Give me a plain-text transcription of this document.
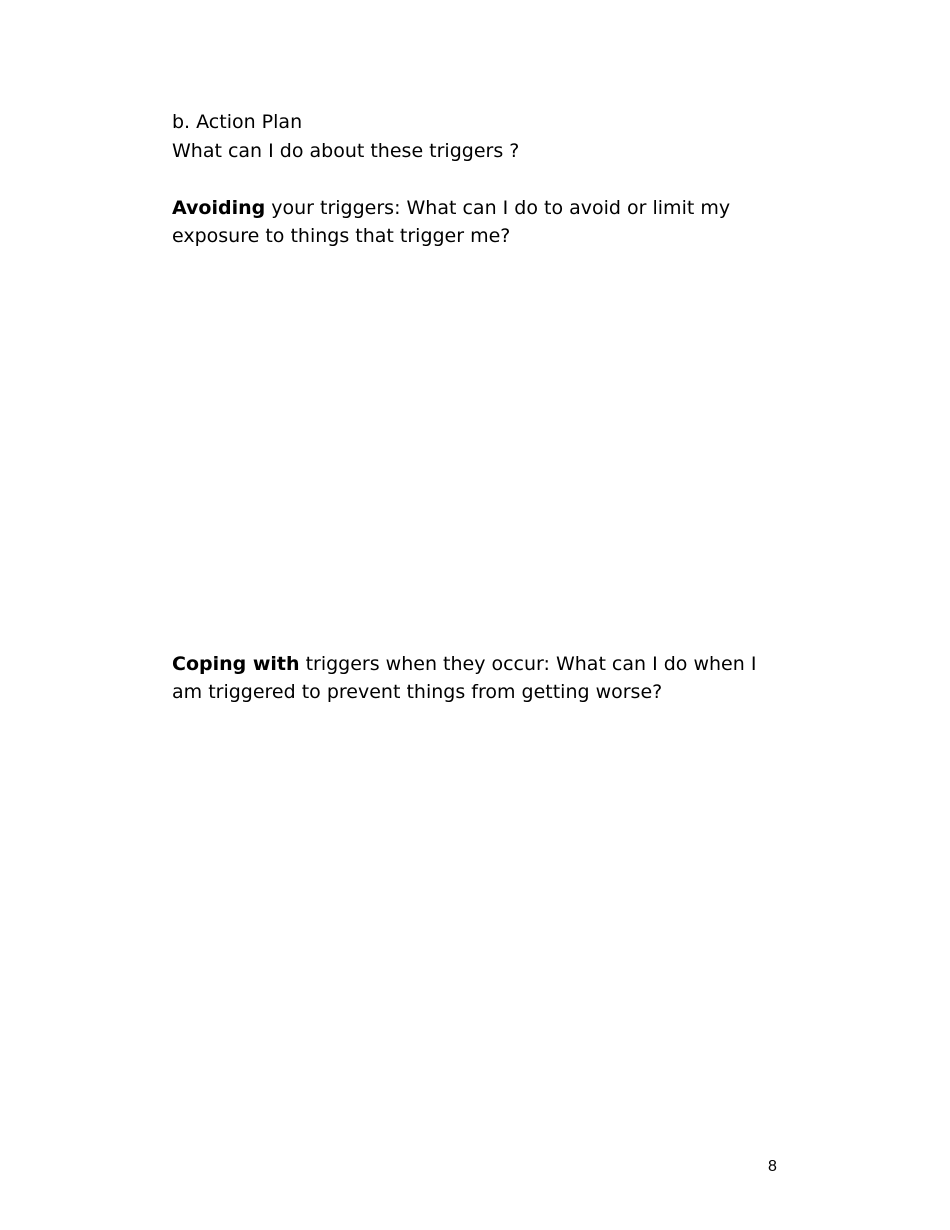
b. Action Plan
What can I do about these triggers ?
Avoiding your triggers: What can I do to avoid or limit my
exposure to things that trigger me?
Coping with triggers when they occur: What can I do when I
am triggered to prevent things from getting worse?
8
